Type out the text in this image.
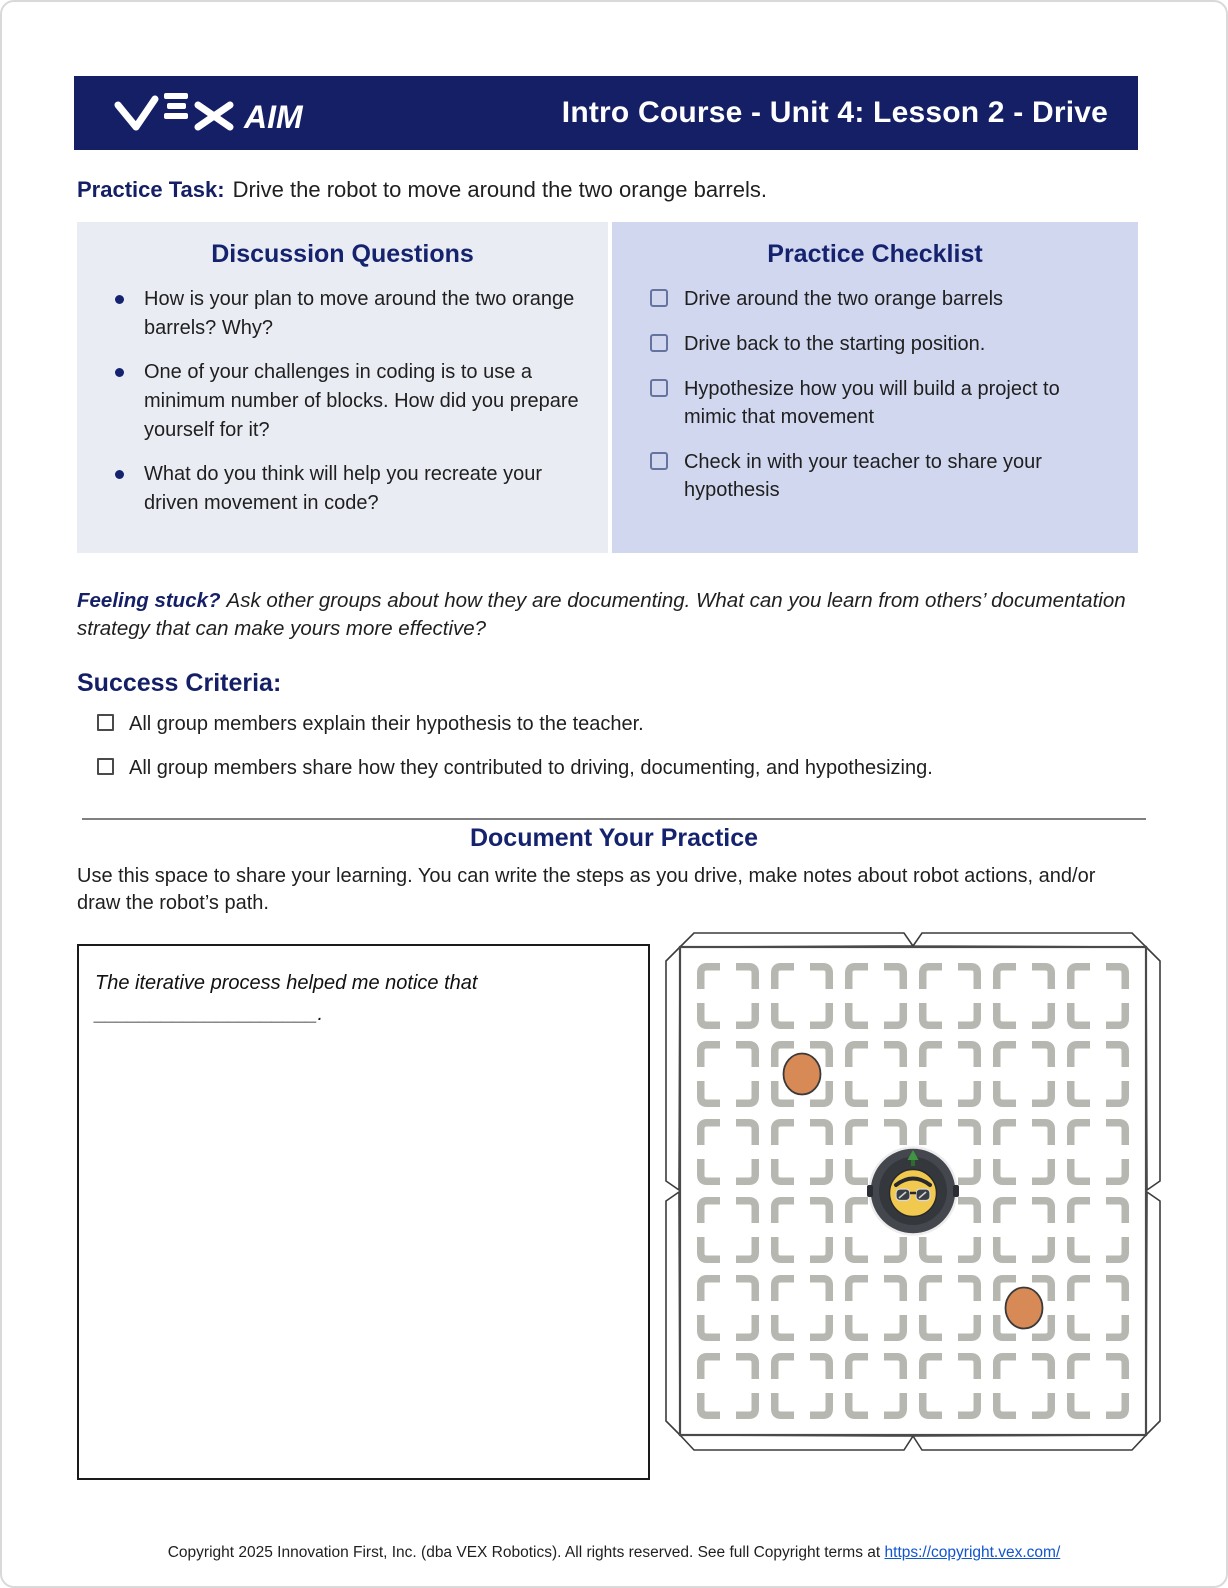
AIM	Intro Course - Unit 4: Lesson 2 - Drive

Practice Task: Drive the robot to move around the two orange barrels.

Discussion Questions
How is your plan to move around the two orange barrels? Why?
One of your challenges in coding is to use a minimum number of blocks. How did you prepare yourself for it?
What do you think will help you recreate your driven movement in code?
Practice Checklist
Drive around the two orange barrels
Drive back to the starting position.
Hypothesize how you will build a project to mimic that movement
Check in with your teacher to share your hypothesis

Feeling stuck? Ask other groups about how they are documenting. What can you learn from others’ documentation strategy that can make yours more effective?

Success Criteria:
All group members explain their hypothesis to the teacher.
All group members share how they contributed to driving, documenting, and hypothesizing.
Document Your Practice

Use this space to share your learning. You can write the steps as you drive, make notes about robot actions, and/or draw the robot’s path.

The iterative process helped me notice that ____________________.

Copyright 2025 Innovation First, Inc. (dba VEX Robotics). All rights reserved. See full Copyright terms at https://copyright.vex.com/
